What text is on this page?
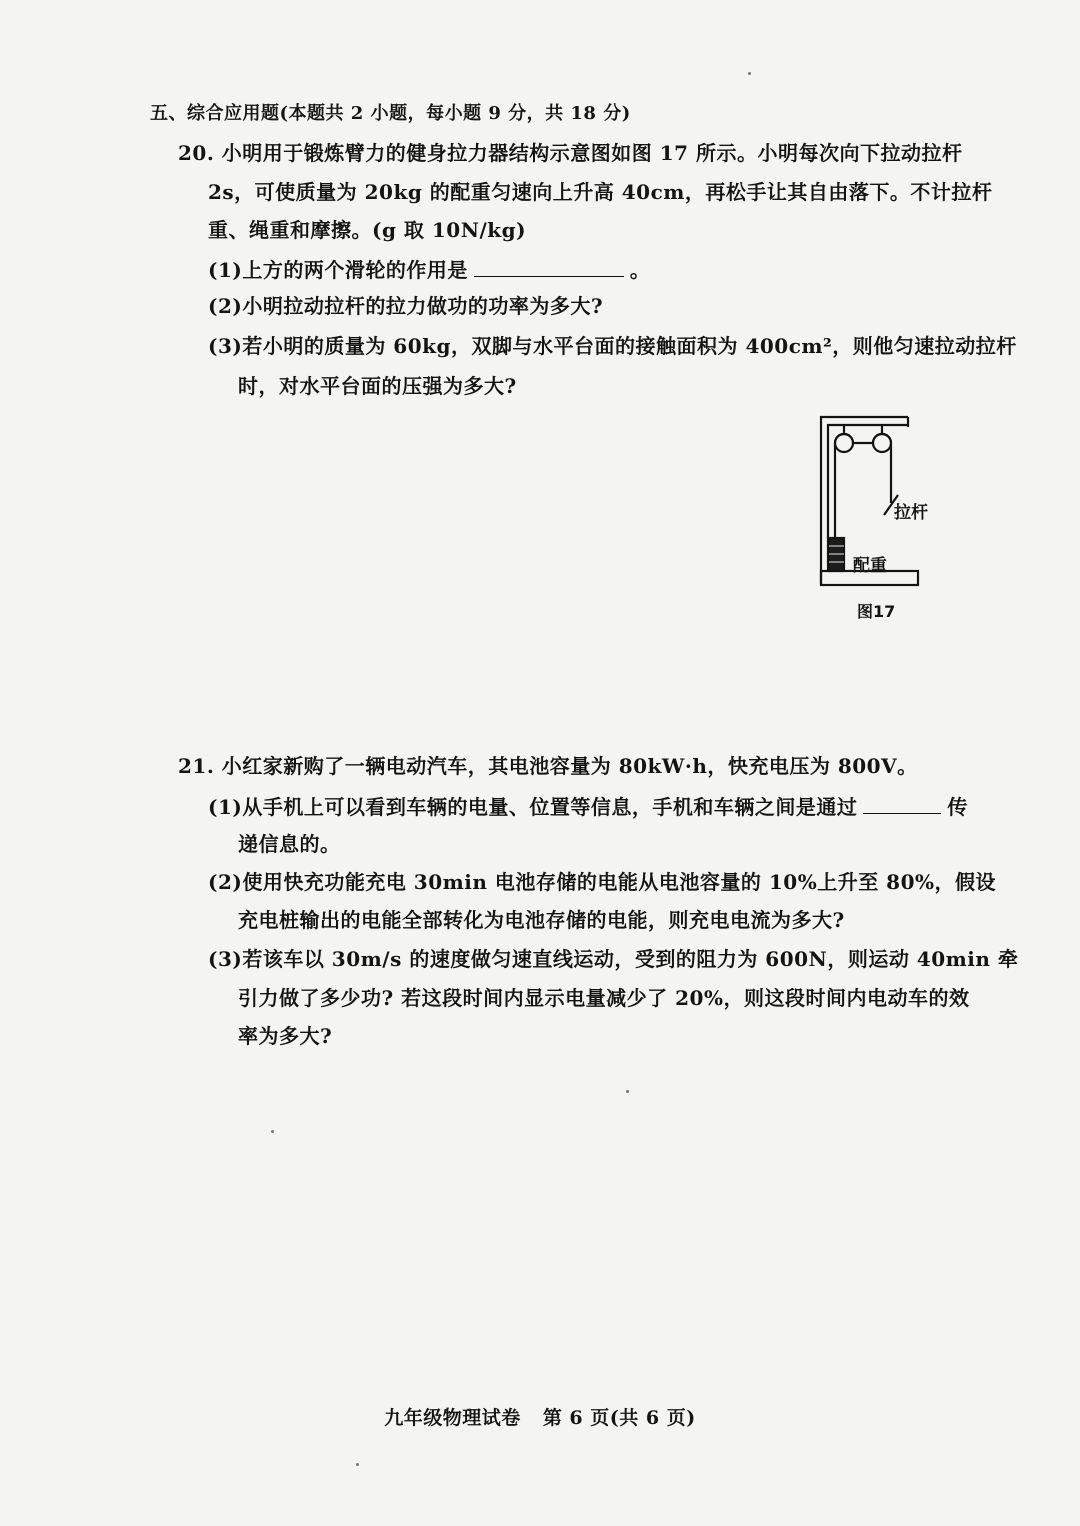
五、综合应用题(本题共 2 小题，每小题 9 分，共 18 分)
20. 小明用于锻炼臂力的健身拉力器结构示意图如图 17 所示。小明每次向下拉动拉杆
2s，可使质量为 20kg 的配重匀速向上升高 40cm，再松手让其自由落下。不计拉杆
重、绳重和摩擦。(g 取 10N/kg)
(1)上方的两个滑轮的作用是	。
(2)小明拉动拉杆的拉力做功的功率为多大?
(3)若小明的质量为 60kg，双脚与水平台面的接触面积为 400cm²，则他匀速拉动拉杆
时，对水平台面的压强为多大?
拉杆
配重
图17
21. 小红家新购了一辆电动汽车，其电池容量为 80kW·h，快充电压为 800V。
(1)从手机上可以看到车辆的电量、位置等信息，手机和车辆之间是通过	传
递信息的。
(2)使用快充功能充电 30min 电池存储的电能从电池容量的 10%上升至 80%，假设
充电桩输出的电能全部转化为电池存储的电能，则充电电流为多大?
(3)若该车以 30m/s 的速度做匀速直线运动，受到的阻力为 600N，则运动 40min 牵
引力做了多少功? 若这段时间内显示电量减少了 20%，则这段时间内电动车的效
率为多大?
九年级物理试卷 第 6 页(共 6 页)
